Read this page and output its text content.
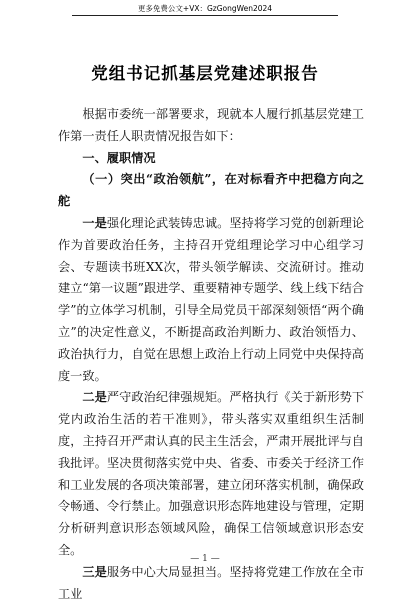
更多免费公文+VX：GzGongWen2024
党组书记抓基层党建述职报告

根据市委统一部署要求，现就本人履行抓基层党建工作第一责任人职责情况报告如下：

一、履职情况

（一）突出“政治领航”，在对标看齐中把稳方向之舵

一是强化理论武装铸忠诚。坚持将学习党的创新理论作为首要政治任务，主持召开党组理论学习中心组学习会、专题读书班XX次，带头领学解读、交流研讨。推动建立“第一议题”跟进学、重要精神专题学、线上线下结合学”的立体学习机制，引导全局党员干部深刻领悟“两个确立”的决定性意义，不断提高政治判断力、政治领悟力、政治执行力，自觉在思想上政治上行动上同党中央保持高度一致。

二是严守政治纪律强规矩。严格执行《关于新形势下党内政治生活的若干准则》，带头落实双重组织生活制度，主持召开严肃认真的民主生活会，严肃开展批评与自我批评。坚决贯彻落实党中央、省委、市委关于经济工作和工业发展的各项决策部署，建立闭环落实机制，确保政令畅通、令行禁止。加强意识形态阵地建设与管理，定期分析研判意识形态领域风险，确保工信领域意识形态安全。

三是服务中心大局显担当。坚持将党建工作放在全市工业

— 1 —
